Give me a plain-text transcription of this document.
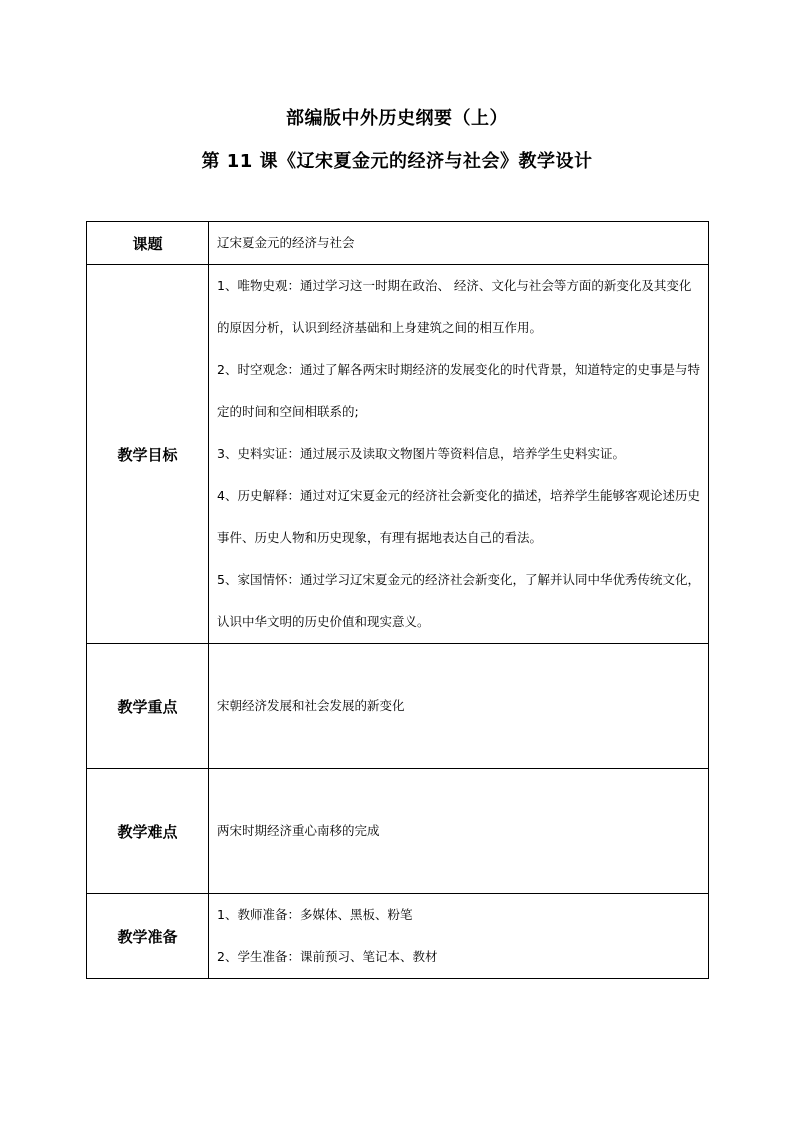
部编版中外历史纲要（上）
第 11 课《辽宋夏金元的经济与社会》教学设计
课题	辽宋夏金元的经济与社会

教学目标	1、唯物史观：通过学习这一时期在政治、 经济、文化与社会等方面的新变化及其变化的原因分析，认识到经济基础和上身建筑之间的相互作用。
2、时空观念：通过了解各两宋时期经济的发展变化的时代背景，知道特定的史事是与特定的时间和空间相联系的;
3、史料实证：通过展示及读取文物图片等资料信息，培养学生史料实证。
4、历史解释：通过对辽宋夏金元的经济社会新变化的描述，培养学生能够客观论述历史事件、历史人物和历史现象，有理有据地表达自己的看法。
5、家国情怀：通过学习辽宋夏金元的经济社会新变化，了解并认同中华优秀传统文化，认识中华文明的历史价值和现实意义。

教学重点	宋朝经济发展和社会发展的新变化

教学难点	两宋时期经济重心南移的完成

教学准备	1、教师准备：多媒体、黑板、粉笔
2、学生准备：课前预习、笔记本、教材
